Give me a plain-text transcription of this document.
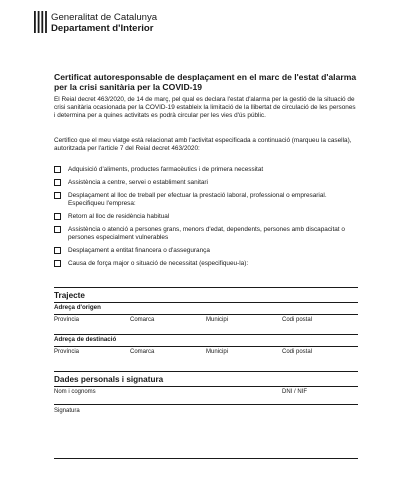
Generalitat de Catalunya
Departament d'Interior
Certificat autoresponsable de desplaçament en el marc de l'estat d'alarma per la crisi sanitària per la COVID-19
El Reial decret 463/2020, de 14 de març, pel qual es declara l'estat d'alarma per la gestió de la situació de crisi sanitària ocasionada per la COVID-19 estableix la limitació de la llibertat de circulació de les persones i determina per a quines activitats es podrà circular per les vies d'ús públic.
Certifico que el meu viatge està relacionat amb l'activitat especificada a continuació (marqueu la casella), autoritzada per l'article 7 del Reial decret 463/2020:
Adquisició d'aliments, productes farmacèutics i de primera necessitat
Assistència a centre, servei o establiment sanitari
Desplaçament al lloc de treball per efectuar la prestació laboral, professional o empresarial. Especifiqueu l'empresa:
Retorn al lloc de residència habitual
Assistència o atenció a persones grans, menors d'edat, dependents, persones amb discapacitat o persones especialment vulnerables
Desplaçament a entitat financera o d'assegurança
Causa de força major o situació de necessitat (especifiqueu-la):
Trajecte
Adreça d'origen
Província	Comarca	Municipi	Codi postal
Adreça de destinació
Província	Comarca	Municipi	Codi postal
Dades personals i signatura
Nom i cognoms	DNI / NIF
Signatura
